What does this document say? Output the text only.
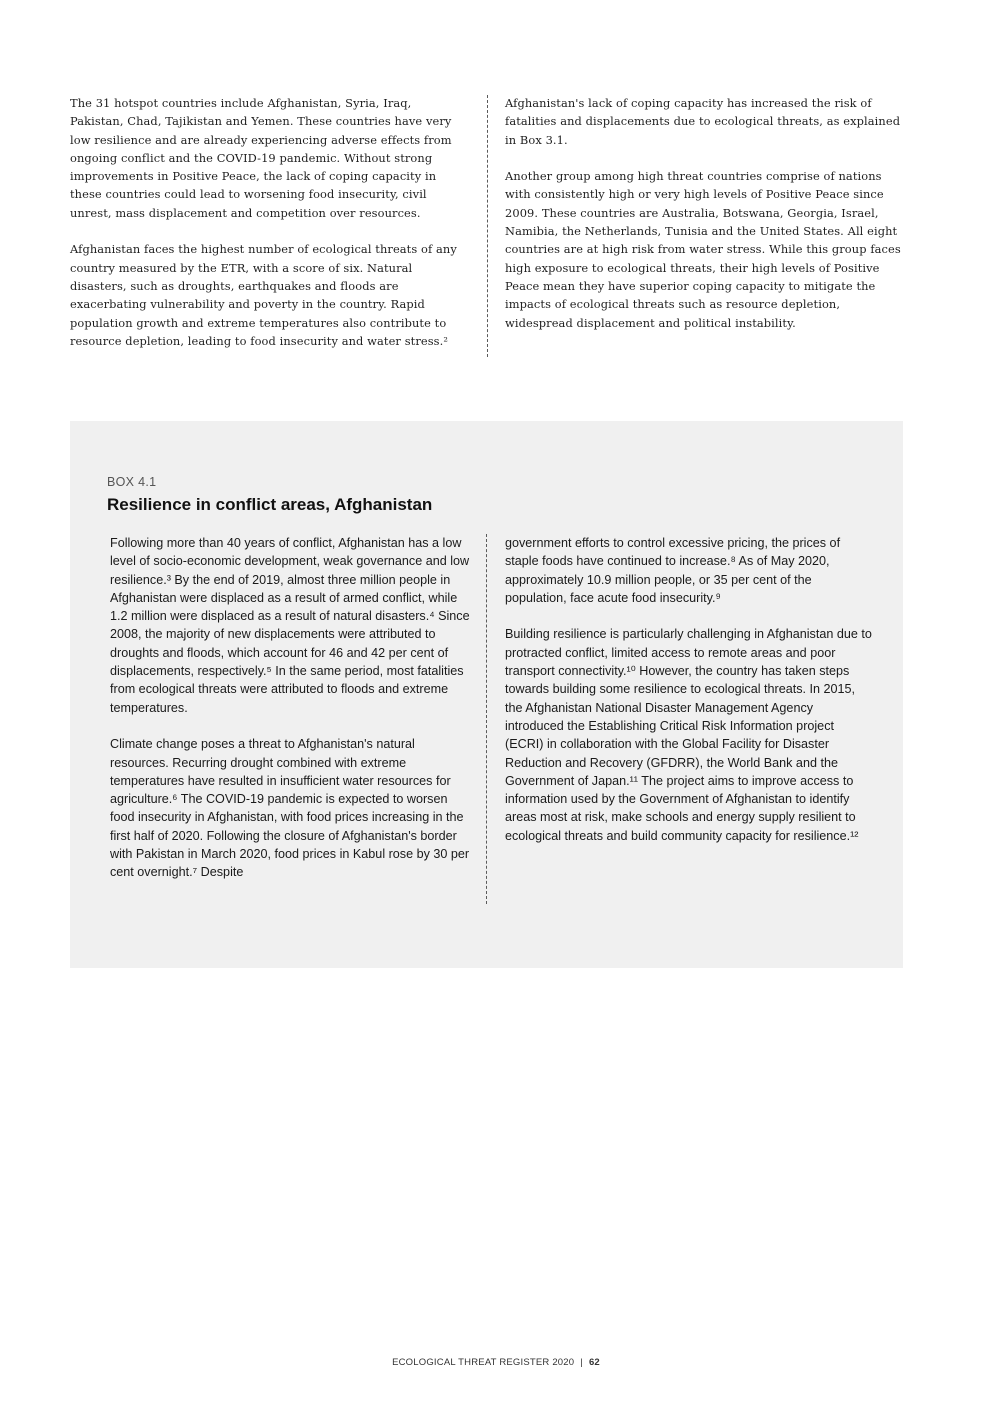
The 31 hotspot countries include Afghanistan, Syria, Iraq, Pakistan, Chad, Tajikistan and Yemen. These countries have very low resilience and are already experiencing adverse effects from ongoing conflict and the COVID-19 pandemic. Without strong improvements in Positive Peace, the lack of coping capacity in these countries could lead to worsening food insecurity, civil unrest, mass displacement and competition over resources.

Afghanistan faces the highest number of ecological threats of any country measured by the ETR, with a score of six. Natural disasters, such as droughts, earthquakes and floods are exacerbating vulnerability and poverty in the country. Rapid population growth and extreme temperatures also contribute to resource depletion, leading to food insecurity and water stress.²

Afghanistan's lack of coping capacity has increased the risk of fatalities and displacements due to ecological threats, as explained in Box 3.1.

Another group among high threat countries comprise of nations with consistently high or very high levels of Positive Peace since 2009. These countries are Australia, Botswana, Georgia, Israel, Namibia, the Netherlands, Tunisia and the United States. All eight countries are at high risk from water stress. While this group faces high exposure to ecological threats, their high levels of Positive Peace mean they have superior coping capacity to mitigate the impacts of ecological threats such as resource depletion, widespread displacement and political instability.

BOX 4.1
Resilience in conflict areas, Afghanistan

Following more than 40 years of conflict, Afghanistan has a low level of socio-economic development, weak governance and low resilience.³ By the end of 2019, almost three million people in Afghanistan were displaced as a result of armed conflict, while 1.2 million were displaced as a result of natural disasters.⁴ Since 2008, the majority of new displacements were attributed to droughts and floods, which account for 46 and 42 per cent of displacements, respectively.⁵ In the same period, most fatalities from ecological threats were attributed to floods and extreme temperatures.

Climate change poses a threat to Afghanistan's natural resources. Recurring drought combined with extreme temperatures have resulted in insufficient water resources for agriculture.⁶ The COVID-19 pandemic is expected to worsen food insecurity in Afghanistan, with food prices increasing in the first half of 2020. Following the closure of Afghanistan's border with Pakistan in March 2020, food prices in Kabul rose by 30 per cent overnight.⁷ Despite

government efforts to control excessive pricing, the prices of staple foods have continued to increase.⁸ As of May 2020, approximately 10.9 million people, or 35 per cent of the population, face acute food insecurity.⁹

Building resilience is particularly challenging in Afghanistan due to protracted conflict, limited access to remote areas and poor transport connectivity.¹⁰ However, the country has taken steps towards building some resilience to ecological threats. In 2015, the Afghanistan National Disaster Management Agency introduced the Establishing Critical Risk Information project (ECRI) in collaboration with the Global Facility for Disaster Reduction and Recovery (GFDRR), the World Bank and the Government of Japan.¹¹ The project aims to improve access to information used by the Government of Afghanistan to identify areas most at risk, make schools and energy supply resilient to ecological threats and build community capacity for resilience.¹²

ECOLOGICAL THREAT REGISTER 2020 | 62
